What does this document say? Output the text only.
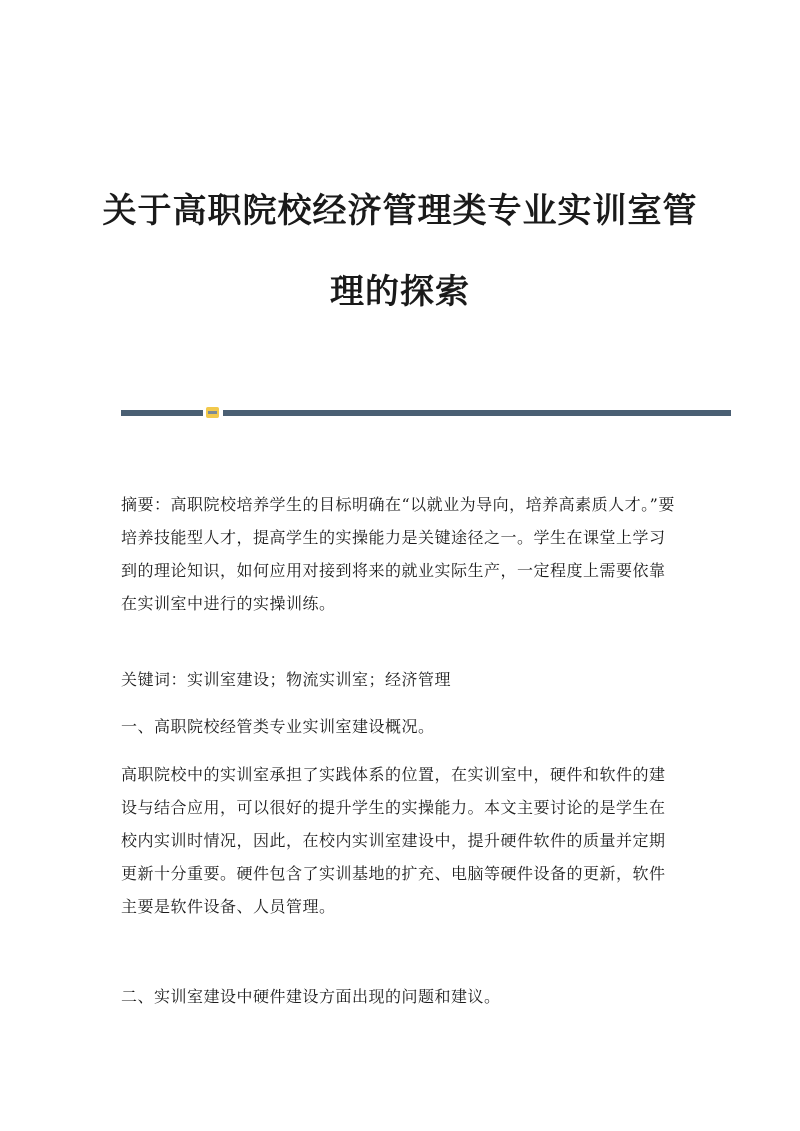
关于高职院校经济管理类专业实训室管
理的探索

摘要：高职院校培养学生的目标明确在“以就业为导向，培养高素质人才。”要培养技能型人才，提高学生的实操能力是关键途径之一。学生在课堂上学习到的理论知识，如何应用对接到将来的就业实际生产，一定程度上需要依靠在实训室中进行的实操训练。

关键词：实训室建设；物流实训室；经济管理

一、高职院校经管类专业实训室建设概况。

高职院校中的实训室承担了实践体系的位置，在实训室中，硬件和软件的建设与结合应用，可以很好的提升学生的实操能力。本文主要讨论的是学生在校内实训时情况，因此，在校内实训室建设中，提升硬件软件的质量并定期更新十分重要。硬件包含了实训基地的扩充、电脑等硬件设备的更新，软件主要是软件设备、人员管理。

二、实训室建设中硬件建设方面出现的问题和建议。
